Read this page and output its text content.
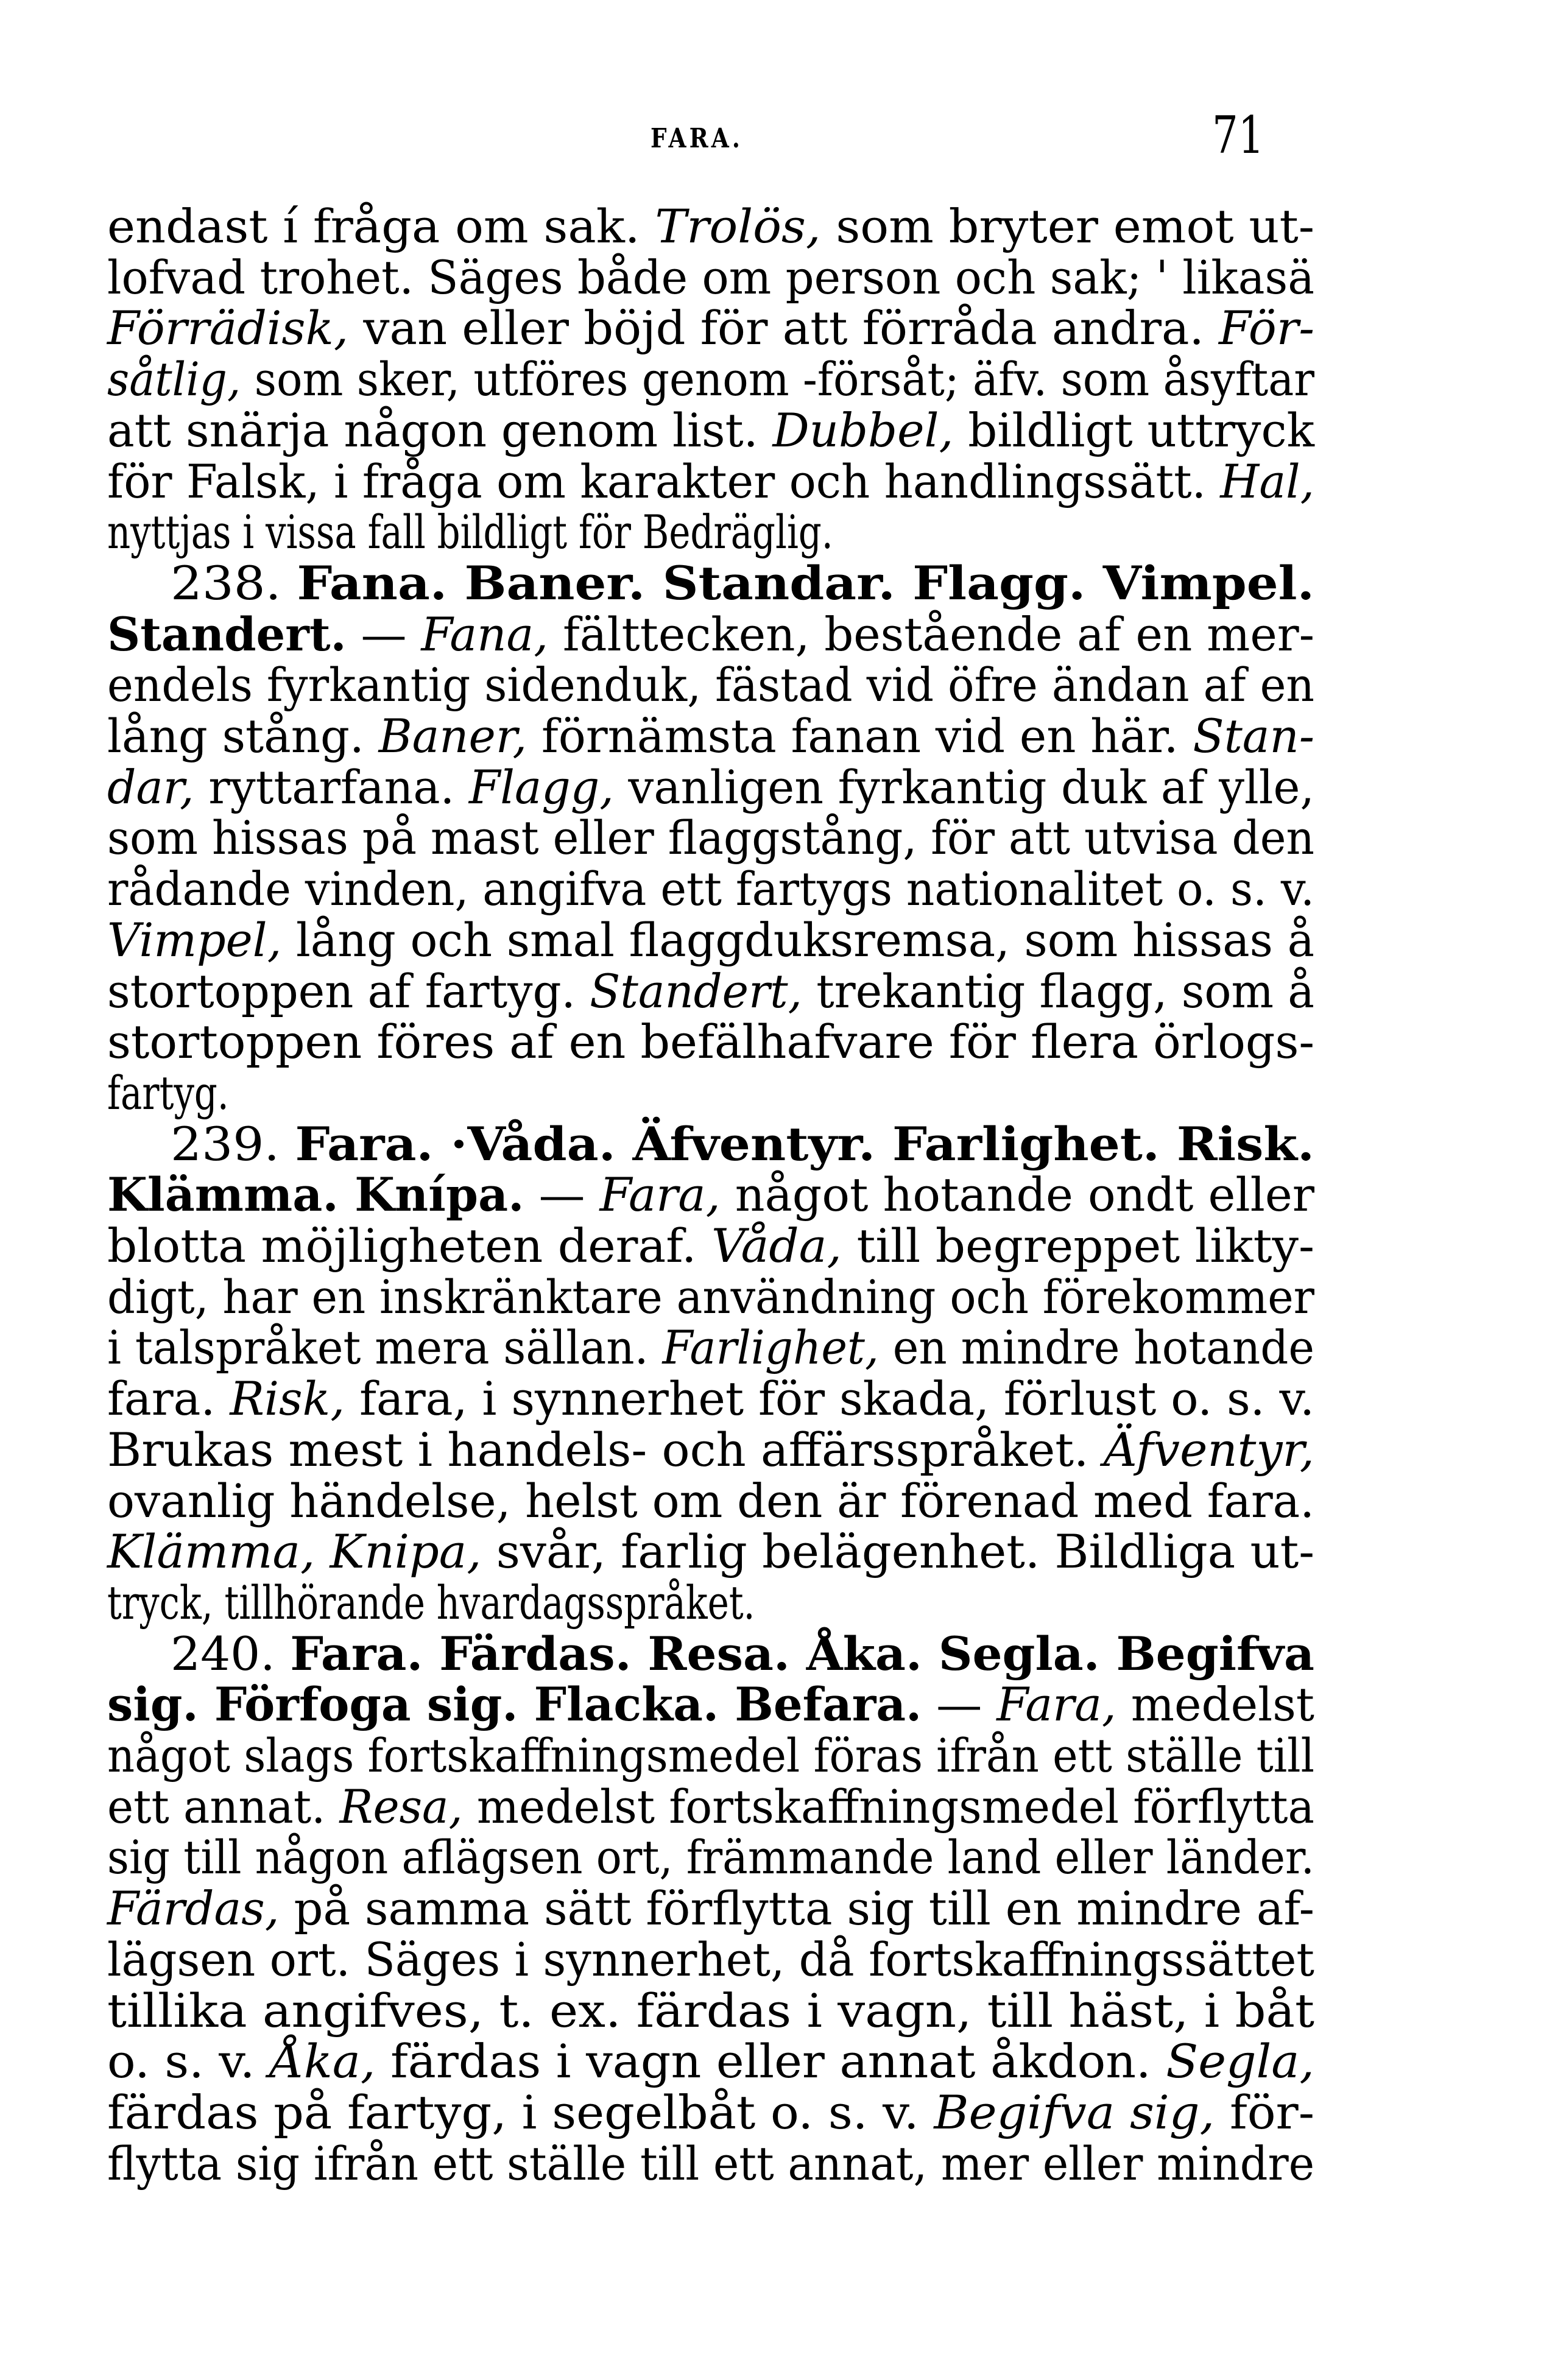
FARA.	71
endast í fråga om sak. Trolös, som bryter emot ut-
lofvad trohet. Säges både om person och sak; ' likasä
Förrädisk, van eller böjd för att förråda andra. För-
såtlig, som sker, utföres genom -försåt; äfv. som åsyftar
att snärja någon genom list. Dubbel, bildligt uttryck
för Falsk, i fråga om karakter och handlingssätt. Hal,
nyttjas i vissa fall bildligt för Bedräglig.
238. Fana. Baner. Standar. Flagg. Vimpel.
Standert. — Fana, fälttecken, bestående af en mer-
endels fyrkantig sidenduk, fästad vid öfre ändan af en
lång stång. Baner, förnämsta fanan vid en här. Stan-
dar, ryttarfana. Flagg, vanligen fyrkantig duk af ylle,
som hissas på mast eller flaggstång, för att utvisa den
rådande vinden, angifva ett fartygs nationalitet o. s. v.
Vimpel, lång och smal flaggduksremsa, som hissas å
stortoppen af fartyg. Standert, trekantig flagg, som å
stortoppen föres af en befälhafvare för flera örlogs-
fartyg.
239. Fara. ·Våda. Äfventyr. Farlighet. Risk.
Klämma. Knípa. — Fara, något hotande ondt eller
blotta möjligheten deraf. Våda, till begreppet likty-
digt, har en inskränktare användning och förekommer
i talspråket mera sällan. Farlighet, en mindre hotande
fara. Risk, fara, i synnerhet för skada, förlust o. s. v.
Brukas mest i handels- och affärsspråket. Äfventyr,
ovanlig händelse, helst om den är förenad med fara.
Klämma, Knipa, svår, farlig belägenhet. Bildliga ut-
tryck, tillhörande hvardagsspråket.
240. Fara. Färdas. Resa. Åka. Segla. Begifva
sig. Förfoga sig. Flacka. Befara. — Fara, medelst
något slags fortskaffningsmedel föras ifrån ett ställe till
ett annat. Resa, medelst fortskaffningsmedel förflytta
sig till någon aflägsen ort, främmande land eller länder.
Färdas, på samma sätt förflytta sig till en mindre af-
lägsen ort. Säges i synnerhet, då fortskaffningssättet
tillika angifves, t. ex. färdas i vagn, till häst, i båt
o. s. v. Åka, färdas i vagn eller annat åkdon. Segla,
färdas på fartyg, i segelbåt o. s. v. Begifva sig, för-
flytta sig ifrån ett ställe till ett annat, mer eller mindre
